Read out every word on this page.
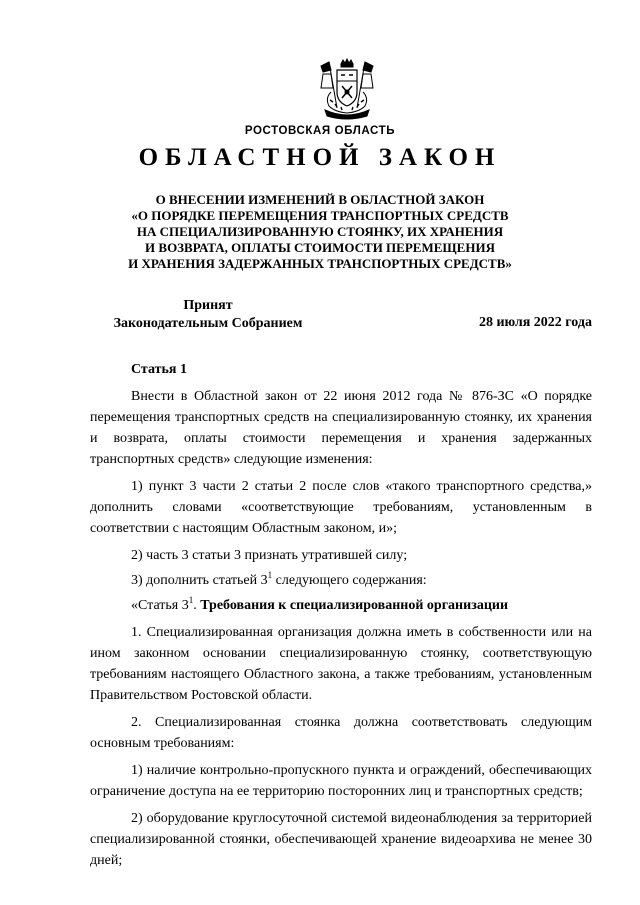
РОСТОВСКАЯ ОБЛАСТЬ
ОБЛАСТНОЙ ЗАКОН
О ВНЕСЕНИИ ИЗМЕНЕНИЙ В ОБЛАСТНОЙ ЗАКОН
«О ПОРЯДКЕ ПЕРЕМЕЩЕНИЯ ТРАНСПОРТНЫХ СРЕДСТВ
НА СПЕЦИАЛИЗИРОВАННУЮ СТОЯНКУ, ИХ ХРАНЕНИЯ
И ВОЗВРАТА, ОПЛАТЫ СТОИМОСТИ ПЕРЕМЕЩЕНИЯ
И ХРАНЕНИЯ ЗАДЕРЖАННЫХ ТРАНСПОРТНЫХ СРЕДСТВ»
Принят
Законодательным Собранием	28 июля 2022 года
Статья 1

Внести в Областной закон от 22 июня 2012 года № 876-ЗС «О порядке перемещения транспортных средств на специализированную стоянку, их хранения и возврата, оплаты стоимости перемещения и хранения задержанных транспортных средств» следующие изменения:

1) пункт 3 части 2 статьи 2 после слов «такого транспортного средства,» дополнить словами «соответствующие требованиям, установленным в соответствии с настоящим Областным законом, и»;

2) часть 3 статьи 3 признать утратившей силу;

3) дополнить статьей $3^1$ следующего содержания:

«Статья $3^1$. Требования к специализированной организации

1. Специализированная организация должна иметь в собственности или на ином законном основании специализированную стоянку, соответствующую требованиям настоящего Областного закона, а также требованиям, установленным Правительством Ростовской области.

2. Специализированная стоянка должна соответствовать следующим основным требованиям:

1) наличие контрольно-пропускного пункта и ограждений, обеспечивающих ограничение доступа на ее территорию посторонних лиц и транспортных средств;

2) оборудование круглосуточной системой видеонаблюдения за территорией специализированной стоянки, обеспечивающей хранение видеоархива не менее 30 дней;
